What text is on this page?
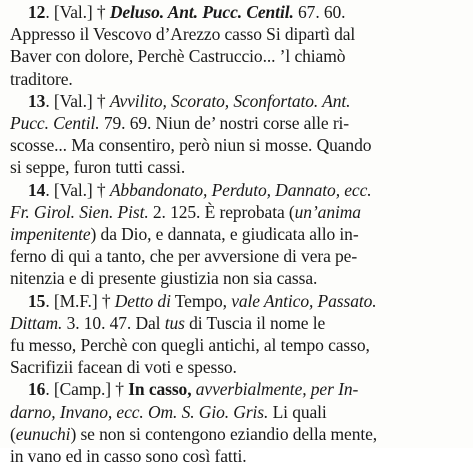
12. [Val.] † Deluso. Ant. Pucc. Centil. 67. 60.
Appresso il Vescovo d’Arezzo casso Si dipartì dal
Baver con dolore, Perchè Castruccio... ’l chiamò
traditore.
13. [Val.] † Avvilito, Scorato, Sconfortato. Ant.
Pucc. Centil. 79. 69. Niun de’ nostri corse alle ri-
scosse... Ma consentiro, però niun si mosse. Quando
si seppe, furon tutti cassi.
14. [Val.] † Abbandonato, Perduto, Dannato, ecc.
Fr. Girol. Sien. Pist. 2. 125. È reprobata (un’anima
impenitente) da Dio, e dannata, e giudicata allo in-
ferno di qui a tanto, che per avversione di vera pe-
nitenzia e di presente giustizia non sia cassa.
15. [M.F.] † Detto di Tempo, vale Antico, Passato.
Dittam. 3. 10. 47. Dal tus di Tuscia il nome le
fu messo, Perchè con quegli antichi, al tempo casso,
Sacrifizii facean di voti e spesso.
16. [Camp.] † In casso, avverbialmente, per In-
darno, Invano, ecc. Om. S. Gio. Gris. Li quali
(eunuchi) se non si contengono eziandio della mente,
in vano ed in casso sono così fatti.
